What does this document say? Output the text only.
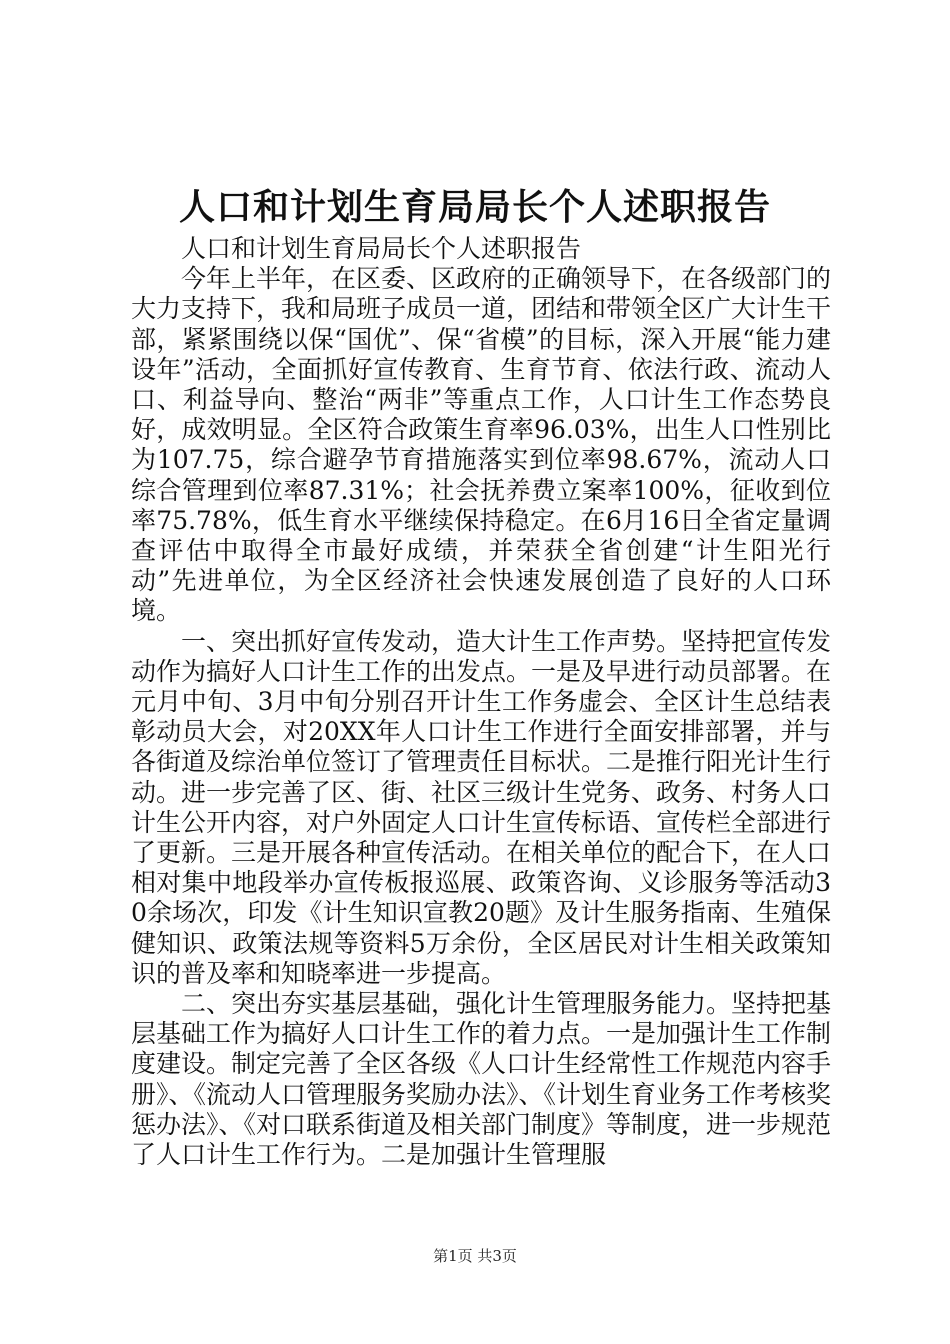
人口和计划生育局局长个人述职报告

人口和计划生育局局长个人述职报告

今年上半年，在区委、区政府的正确领导下，在各级部门的大力支持下，我和局班子成员一道，团结和带领全区广大计生干部，紧紧围绕以保“国优”、保“省模”的目标，深入开展“能力建设年”活动，全面抓好宣传教育、生育节育、依法行政、流动人口、利益导向、整治“两非”等重点工作，人口计生工作态势良好，成效明显。全区符合政策生育率96.03%，出生人口性别比为107.75，综合避孕节育措施落实到位率98.67%，流动人口综合管理到位率87.31%；社会抚养费立案率100%，征收到位率75.78%，低生育水平继续保持稳定。在6月16日全省定量调查评估中取得全市最好成绩，并荣获全省创建“计生阳光行动”先进单位，为全区经济社会快速发展创造了良好的人口环境。

一、突出抓好宣传发动，造大计生工作声势。坚持把宣传发动作为搞好人口计生工作的出发点。一是及早进行动员部署。在元月中旬、3月中旬分别召开计生工作务虚会、全区计生总结表彰动员大会，对20XX年人口计生工作进行全面安排部署，并与各街道及综治单位签订了管理责任目标状。二是推行阳光计生行动。进一步完善了区、街、社区三级计生党务、政务、村务人口计生公开内容，对户外固定人口计生宣传标语、宣传栏全部进行了更新。三是开展各种宣传活动。在相关单位的配合下，在人口相对集中地段举办宣传板报巡展、政策咨询、义诊服务等活动30余场次，印发《计生知识宣教20题》及计生服务指南、生殖保健知识、政策法规等资料5万余份，全区居民对计生相关政策知识的普及率和知晓率进一步提高。

二、突出夯实基层基础，强化计生管理服务能力。坚持把基层基础工作为搞好人口计生工作的着力点。一是加强计生工作制度建设。制定完善了全区各级《人口计生经常性工作规范内容手册》、《流动人口管理服务奖励办法》、《计划生育业务工作考核奖惩办法》、《对口联系街道及相关部门制度》等制度，进一步规范了人口计生工作行为。二是加强计生管理服

第1页 共3页
